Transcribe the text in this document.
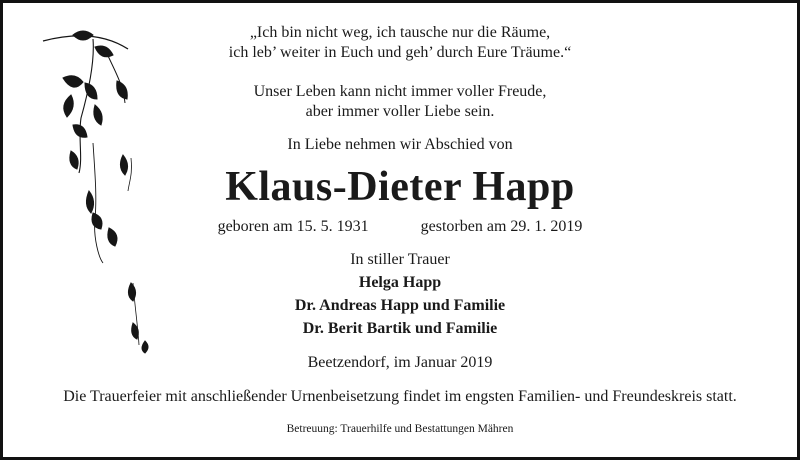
„Ich bin nicht weg, ich tausche nur die Räume,
ich leb’ weiter in Euch und geh’ durch Eure Träume.“
Unser Leben kann nicht immer voller Freude,
aber immer voller Liebe sein.
In Liebe nehmen wir Abschied von
Klaus-Dieter Happ
geboren am 15. 5. 1931	gestorben am 29. 1. 2019
In stiller Trauer
Helga Happ
Dr. Andreas Happ und Familie
Dr. Berit Bartik und Familie
Beetzendorf, im Januar 2019
Die Trauerfeier mit anschließender Urnenbeisetzung findet im engsten Familien- und Freundeskreis statt.
Betreuung: Trauerhilfe und Bestattungen Mähren
